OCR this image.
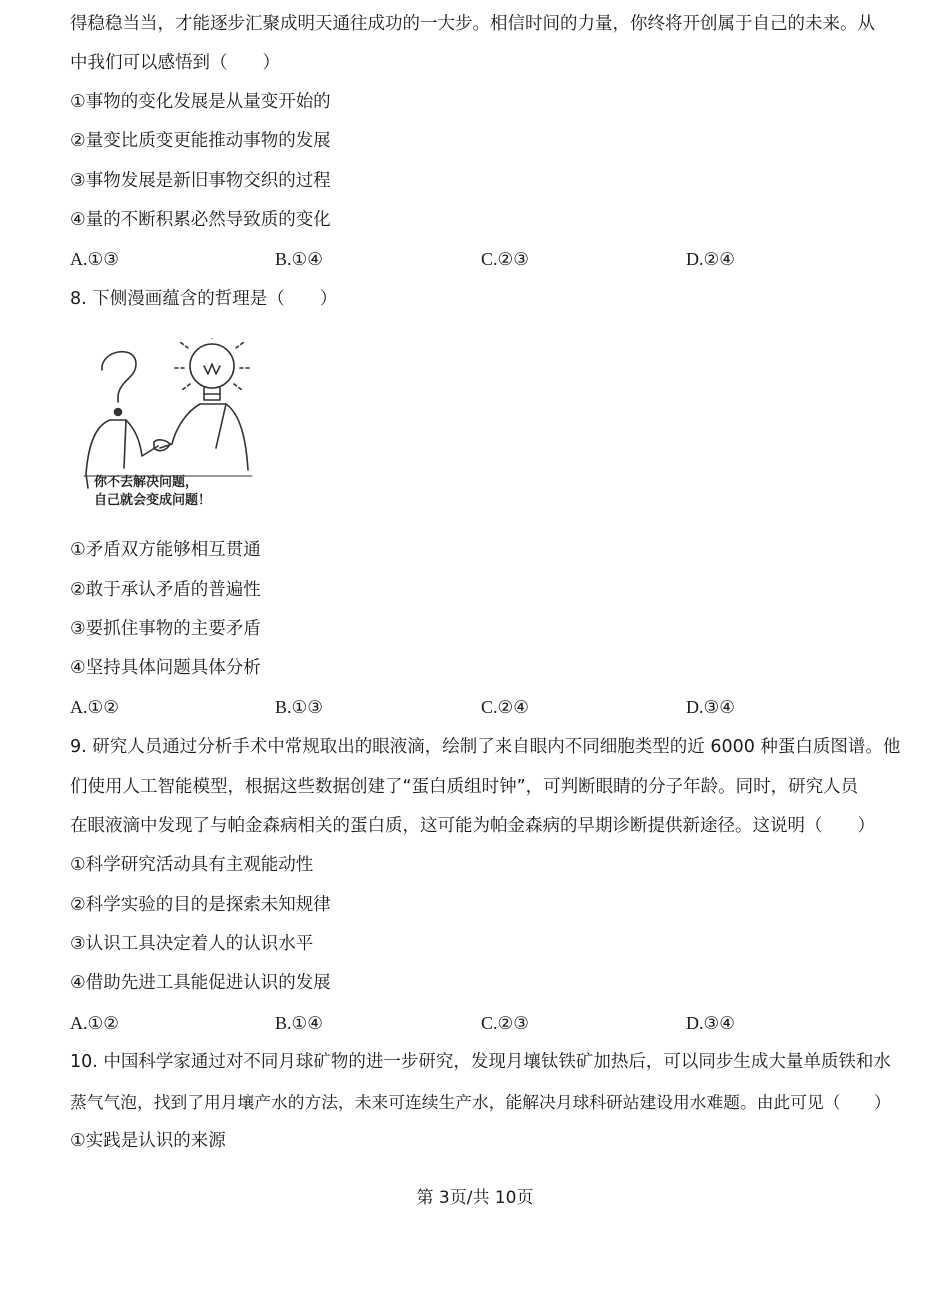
得稳稳当当，才能逐步汇聚成明天通往成功的一大步。相信时间的力量，你终将开创属于自己的未来。从
中我们可以感悟到（　　）
①事物的变化发展是从量变开始的
②量变比质变更能推动事物的发展
③事物发展是新旧事物交织的过程
④量的不断积累必然导致质的变化
A.①③	B.①④	C.②③	D.②④
8. 下侧漫画蕴含的哲理是（　　）
你不去解决问题，
自己就会变成问题！
①矛盾双方能够相互贯通
②敢于承认矛盾的普遍性
③要抓住事物的主要矛盾
④坚持具体问题具体分析
A.①②	B.①③	C.②④	D.③④
9. 研究人员通过分析手术中常规取出的眼液滴，绘制了来自眼内不同细胞类型的近 6000 种蛋白质图谱。他
们使用人工智能模型，根据这些数据创建了“蛋白质组时钟”，可判断眼睛的分子年龄。同时，研究人员
在眼液滴中发现了与帕金森病相关的蛋白质，这可能为帕金森病的早期诊断提供新途径。这说明（　　）
①科学研究活动具有主观能动性
②科学实验的目的是探索未知规律
③认识工具决定着人的认识水平
④借助先进工具能促进认识的发展
A.①②	B.①④	C.②③	D.③④
10. 中国科学家通过对不同月球矿物的进一步研究，发现月壤钛铁矿加热后，可以同步生成大量单质铁和水
蒸气气泡，找到了用月壤产水的方法，未来可连续生产水，能解决月球科研站建设用水难题。由此可见（　　）
①实践是认识的来源
第 3页/共 10页
